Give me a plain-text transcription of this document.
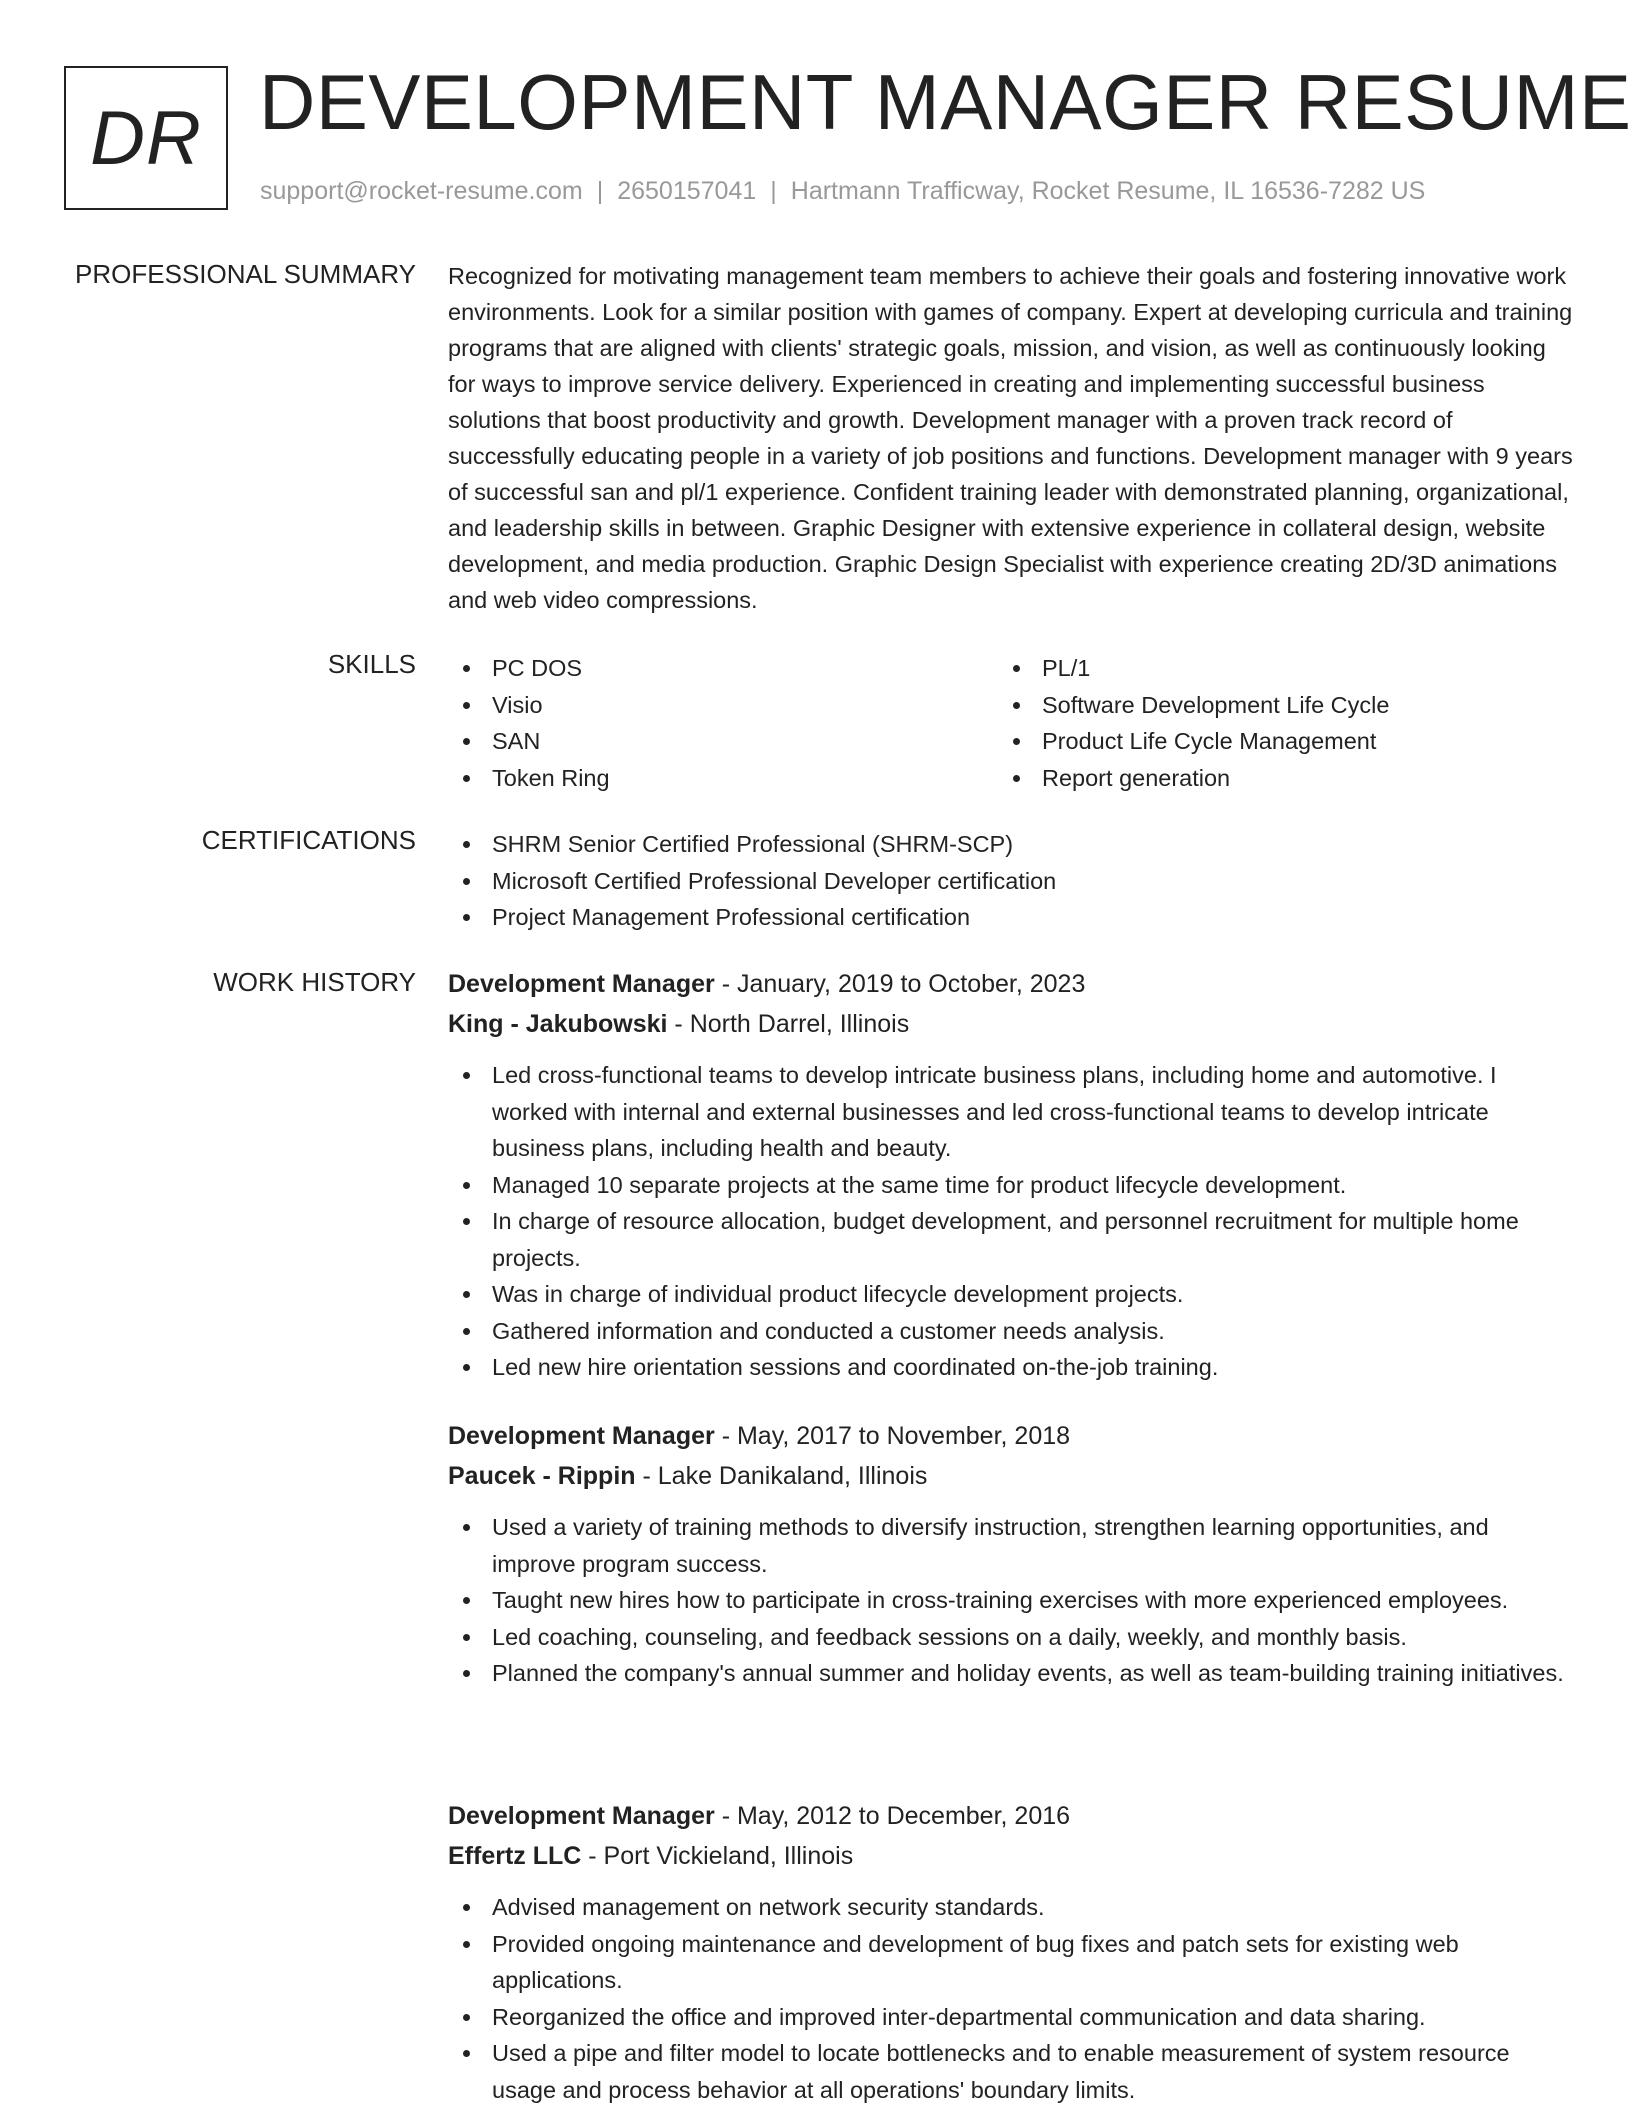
DR DEVELOPMENT MANAGER RESUME
support@rocket-resume.com | 2650157041 | Hartmann Trafficway, Rocket Resume, IL 16536-7282 US
PROFESSIONAL SUMMARY Recognized for motivating management team members to achieve their goals and fostering innovative work environments. Look for a similar position with games of company. Expert at developing curricula and training programs that are aligned with clients' strategic goals, mission, and vision, as well as continuously looking for ways to improve service delivery. Experienced in creating and implementing successful business solutions that boost productivity and growth. Development manager with a proven track record of successfully educating people in a variety of job positions and functions. Development manager with 9 years of successful san and pl/1 experience. Confident training leader with demonstrated planning, organizational, and leadership skills in between. Graphic Designer with extensive experience in collateral design, website development, and media production. Graphic Design Specialist with experience creating 2D/3D animations and web video compressions.

SKILLS	PC DOS
Visio
SAN
Token Ring
PL/1
Software Development Life Cycle
Product Life Cycle Management
Report generation
CERTIFICATIONS	SHRM Senior Certified Professional (SHRM-SCP)
Microsoft Certified Professional Developer certification
Project Management Professional certification
WORK HISTORY Development Manager - January, 2019 to October, 2023
King - Jakubowski - North Darrel, Illinois
Led cross-functional teams to develop intricate business plans, including home and automotive. I worked with internal and external businesses and led cross-functional teams to develop intricate business plans, including health and beauty.
Managed 10 separate projects at the same time for product lifecycle development.
In charge of resource allocation, budget development, and personnel recruitment for multiple home projects.
Was in charge of individual product lifecycle development projects.
Gathered information and conducted a customer needs analysis.
Led new hire orientation sessions and coordinated on-the-job training.
Development Manager - May, 2017 to November, 2018
Paucek - Rippin - Lake Danikaland, Illinois
Used a variety of training methods to diversify instruction, strengthen learning opportunities, and improve program success.
Taught new hires how to participate in cross-training exercises with more experienced employees.
Led coaching, counseling, and feedback sessions on a daily, weekly, and monthly basis.
Planned the company's annual summer and holiday events, as well as team-building training initiatives.
Development Manager - May, 2012 to December, 2016
Effertz LLC - Port Vickieland, Illinois
Advised management on network security standards.
Provided ongoing maintenance and development of bug fixes and patch sets for existing web applications.
Reorganized the office and improved inter-departmental communication and data sharing.
Used a pipe and filter model to locate bottlenecks and to enable measurement of system resource usage and process behavior at all operations' boundary limits.
